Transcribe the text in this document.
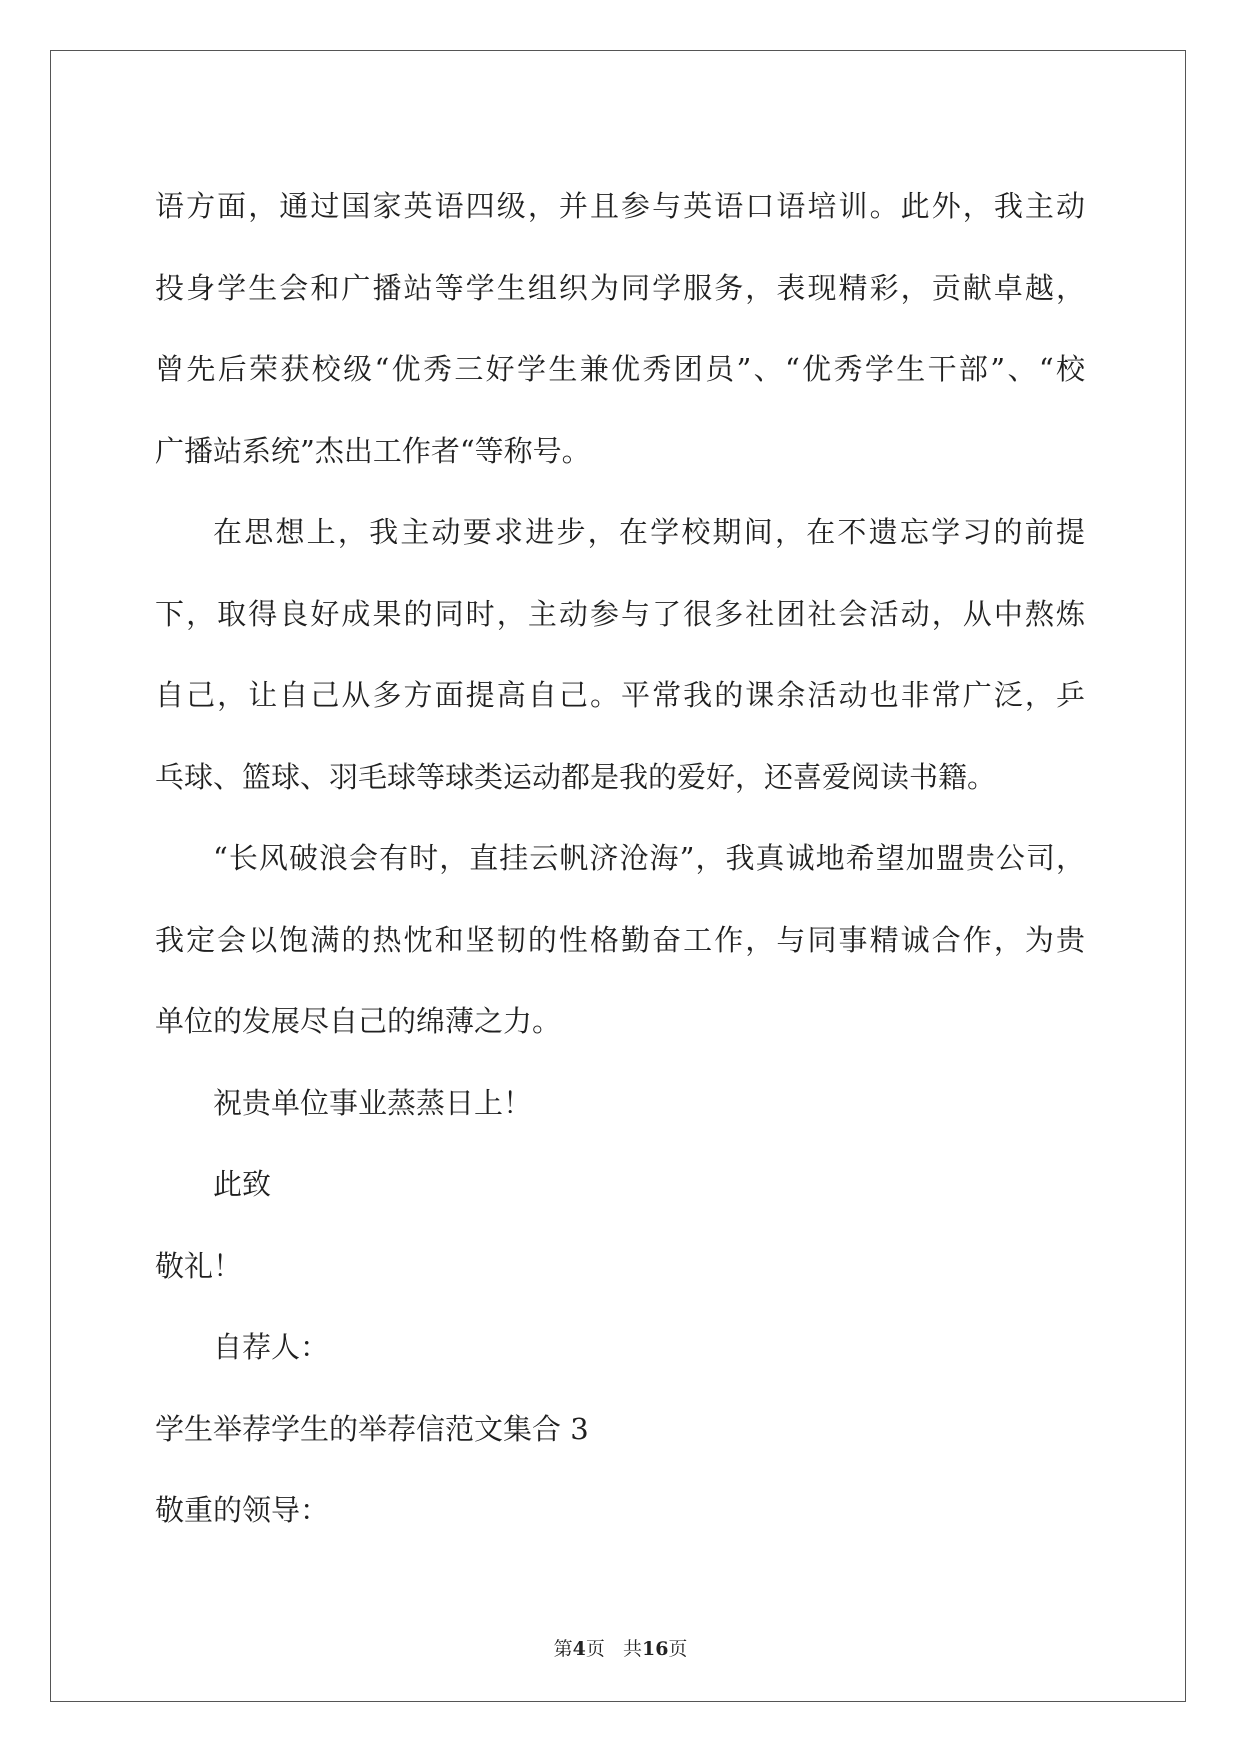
语方面，通过国家英语四级，并且参与英语口语培训。此外，我主动
投身学生会和广播站等学生组织为同学服务，表现精彩，贡献卓越，
曾先后荣获校级“优秀三好学生兼优秀团员”、“优秀学生干部”、“校
广播站系统”杰出工作者“等称号。
在思想上，我主动要求进步，在学校期间，在不遗忘学习的前提
下，取得良好成果的同时，主动参与了很多社团社会活动，从中熬炼
自己，让自己从多方面提高自己。平常我的课余活动也非常广泛，乒
乓球、篮球、羽毛球等球类运动都是我的爱好，还喜爱阅读书籍。
“长风破浪会有时，直挂云帆济沧海”，我真诚地希望加盟贵公司，
我定会以饱满的热忱和坚韧的性格勤奋工作，与同事精诚合作，为贵
单位的发展尽自己的绵薄之力。
祝贵单位事业蒸蒸日上！
此致
敬礼！
自荐人：
学生举荐学生的举荐信范文集合 3
敬重的领导：
第4页 共16页
